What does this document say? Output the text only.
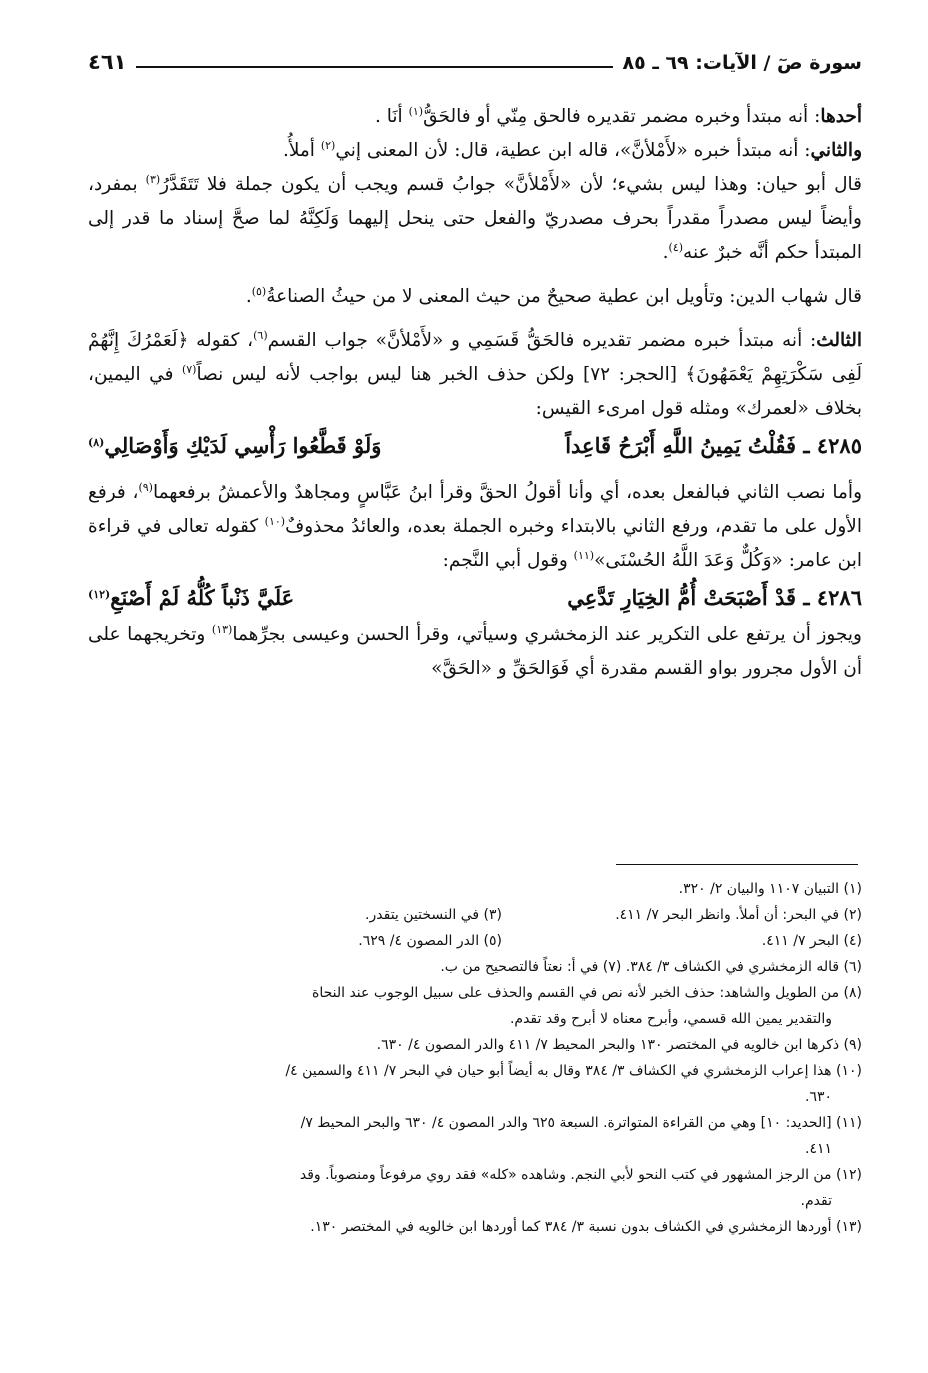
سورة صٓ / الآيات: ٦٩ ـ ٨٥
٤٦١

أحدها: أنه مبتدأ وخبره مضمر تقديره فالحق مِنّي أو فالحَقُّ$^{(١)}$ أنَا .

والثاني: أنه مبتدأ خبره «لأَمْلأنَّ»، قاله ابن عطية، قال: لأن المعنى إني$^{(٢)}$ أملأُ.

قال أبو حيان: وهذا ليس بشيء؛ لأن «لأَمْلأنَّ» جوابُ قسم ويجب أن يكون جملة فلا تَتَقَدَّرُ$^{(٣)}$ بمفرد، وأيضاً ليس مصدراً مقدراً بحرف مصدريّ والفعل حتى ينحل إليهما وَلَكِنَّهُ لما صحَّ إسناد ما قدر إلى المبتدأ حكم أنَّه خبرٌ عنه$^{(٤)}$.

قال شهاب الدين: وتأويل ابن عطية صحيحٌ من حيث المعنى لا من حيثُ الصناعةُ$^{(٥)}$.

الثالث: أنه مبتدأ خبره مضمر تقديره فالحَقُّ قَسَمِي و «لأَمْلأنَّ» جواب القسم$^{(٦)}$، كقوله ﴿لَعَمْرُكَ إِنَّهُمْ لَفِى سَكْرَتِهِمْ يَعْمَهُونَ﴾ [الحجر: ٧٢] ولكن حذف الخبر هنا ليس بواجب لأنه ليس نصاً$^{(٧)}$ في اليمين، بخلاف «لعمرك» ومثله قول امرىء القيس:

٤٢٨٥ ـ فَقُلْتُ يَمِينُ اللَّهِ أَبْرَحُ قَاعِداً
وَلَوْ قَطَّعُوا رَأْسِي لَدَيْكِ وَأَوْصَالِي$^{(٨)}$

وأما نصب الثاني فبالفعل بعده، أي وأنا أقولُ الحقَّ وقرأ ابنُ عَبَّاسٍ ومجاهدٌ والأعمشُ برفعهما$^{(٩)}$، فرفع الأول على ما تقدم، ورفع الثاني بالابتداء وخبره الجملة بعده، والعائدُ محذوفٌ$^{(١٠)}$ كقوله تعالى في قراءة ابن عامر: «وَكُلٌّ وَعَدَ اللَّهُ الحُسْنَى»$^{(١١)}$ وقول أبي النَّجم:

٤٢٨٦ ـ قَدْ أَصْبَحَتْ أُمُّ الخِيَارِ تَدَّعِي
عَلَيَّ ذَنْباً كُلُّهُ لَمْ أَصْنَعِ$^{(١٢)}$

ويجوز أن يرتفع على التكرير عند الزمخشري وسيأتي، وقرأ الحسن وعيسى بجرِّهما$^{(١٣)}$ وتخريجهما على أن الأول مجرور بواو القسم مقدرة أي فَوَالحَقِّ و «الحَقَّ»

(١) التبيان ١١٠٧ والبيان ٢/ ٣٢٠.

(٢) في البحر: أن أملأ. وانظر البحر ٧/ ٤١١.
(٣) في النسختين يتقدر.
(٤) البحر ٧/ ٤١١.
(٥) الدر المصون ٤/ ٦٢٩.

(٦) قاله الزمخشري في الكشاف ٣/ ٣٨٤. (٧) في أ: نعتاً فالتصحيح من ب.

(٨) من الطويل والشاهد: حذف الخبر لأنه نص في القسم والحذف على سبيل الوجوب عند النحاة

والتقدير يمين الله قسمي، وأبرح معناه لا أبرح وقد تقدم.

(٩) ذكرها ابن خالويه في المختصر ١٣٠ والبحر المحيط ٧/ ٤١١ والدر المصون ٤/ ٦٣٠.

(١٠) هذا إعراب الزمخشري في الكشاف ٣/ ٣٨٤ وقال به أيضاً أبو حيان في البحر ٧/ ٤١١ والسمين ٤/

٦٣٠.

(١١) [الحديد: ١٠] وهي من القراءة المتواترة. السبعة ٦٢٥ والدر المصون ٤/ ٦٣٠ والبحر المحيط ٧/

٤١١.

(١٢) من الرجز المشهور في كتب النحو لأبي النجم. وشاهده «كله» فقد روي مرفوعاً ومنصوباً. وقد

تقدم.

(١٣) أوردها الزمخشري في الكشاف بدون نسبة ٣/ ٣٨٤ كما أوردها ابن خالويه في المختصر ١٣٠.
